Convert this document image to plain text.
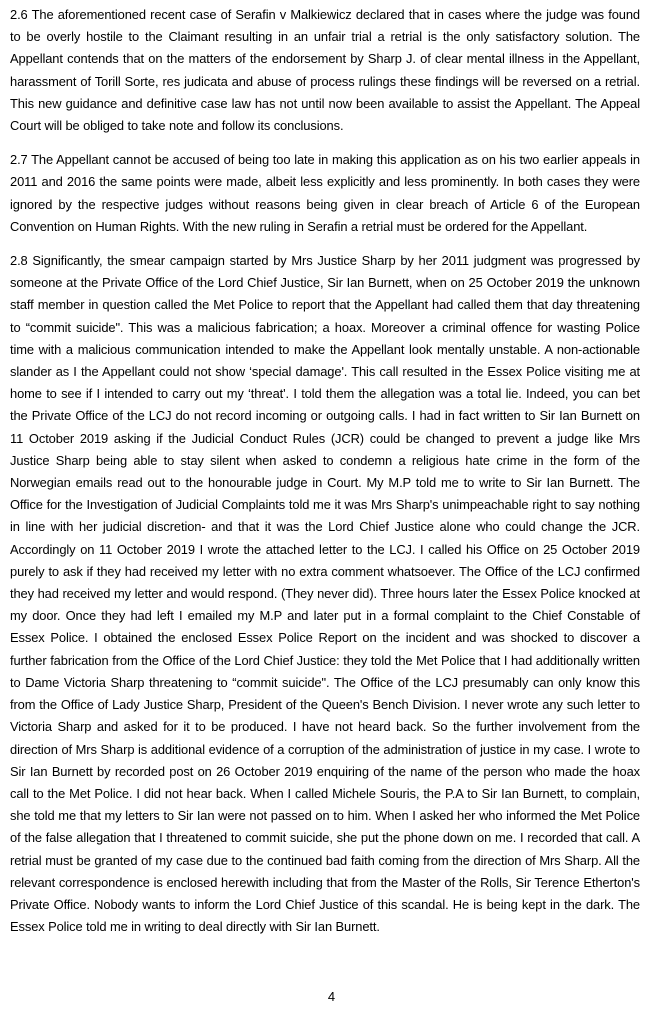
2.6 The aforementioned recent case of Serafin v Malkiewicz declared that in cases where the judge was found to be overly hostile to the Claimant resulting in an unfair trial a retrial is the only satisfactory solution. The Appellant contends that on the matters of the endorsement by Sharp J. of clear mental illness in the Appellant, harassment of Torill Sorte, res judicata and abuse of process rulings these findings will be reversed on a retrial. This new guidance and definitive case law has not until now been available to assist the Appellant. The Appeal Court will be obliged to take note and follow its conclusions.

2.7 The Appellant cannot be accused of being too late in making this application as on his two earlier appeals in 2011 and 2016 the same points were made, albeit less explicitly and less prominently. In both cases they were ignored by the respective judges without reasons being given in clear breach of Article 6 of the European Convention on Human Rights. With the new ruling in Serafin a retrial must be ordered for the Appellant.

2.8 Significantly, the smear campaign started by Mrs Justice Sharp by her 2011 judgment was progressed by someone at the Private Office of the Lord Chief Justice, Sir Ian Burnett, when on 25 October 2019 the unknown staff member in question called the Met Police to report that the Appellant had called them that day threatening to “commit suicide". This was a malicious fabrication; a hoax. Moreover a criminal offence for wasting Police time with a malicious communication intended to make the Appellant look mentally unstable. A non-actionable slander as I the Appellant could not show ‘special damage'. This call resulted in the Essex Police visiting me at home to see if I intended to carry out my ‘threat'. I told them the allegation was a total lie. Indeed, you can bet the Private Office of the LCJ do not record incoming or outgoing calls. I had in fact written to Sir Ian Burnett on 11 October 2019 asking if the Judicial Conduct Rules (JCR) could be changed to prevent a judge like Mrs Justice Sharp being able to stay silent when asked to condemn a religious hate crime in the form of the Norwegian emails read out to the honourable judge in Court. My M.P told me to write to Sir Ian Burnett. The Office for the Investigation of Judicial Complaints told me it was Mrs Sharp's unimpeachable right to say nothing in line with her judicial discretion- and that it was the Lord Chief Justice alone who could change the JCR. Accordingly on 11 October 2019 I wrote the attached letter to the LCJ. I called his Office on 25 October 2019 purely to ask if they had received my letter with no extra comment whatsoever. The Office of the LCJ confirmed they had received my letter and would respond. (They never did). Three hours later the Essex Police knocked at my door. Once they had left I emailed my M.P and later put in a formal complaint to the Chief Constable of Essex Police. I obtained the enclosed Essex Police Report on the incident and was shocked to discover a further fabrication from the Office of the Lord Chief Justice: they told the Met Police that I had additionally written to Dame Victoria Sharp threatening to “commit suicide". The Office of the LCJ presumably can only know this from the Office of Lady Justice Sharp, President of the Queen's Bench Division. I never wrote any such letter to Victoria Sharp and asked for it to be produced. I have not heard back. So the further involvement from the direction of Mrs Sharp is additional evidence of a corruption of the administration of justice in my case. I wrote to Sir Ian Burnett by recorded post on 26 October 2019 enquiring of the name of the person who made the hoax call to the Met Police. I did not hear back. When I called Michele Souris, the P.A to Sir Ian Burnett, to complain, she told me that my letters to Sir Ian were not passed on to him. When I asked her who informed the Met Police of the false allegation that I threatened to commit suicide, she put the phone down on me. I recorded that call. A retrial must be granted of my case due to the continued bad faith coming from the direction of Mrs Sharp. All the relevant correspondence is enclosed herewith including that from the Master of the Rolls, Sir Terence Etherton's Private Office. Nobody wants to inform the Lord Chief Justice of this scandal. He is being kept in the dark. The Essex Police told me in writing to deal directly with Sir Ian Burnett.

4
